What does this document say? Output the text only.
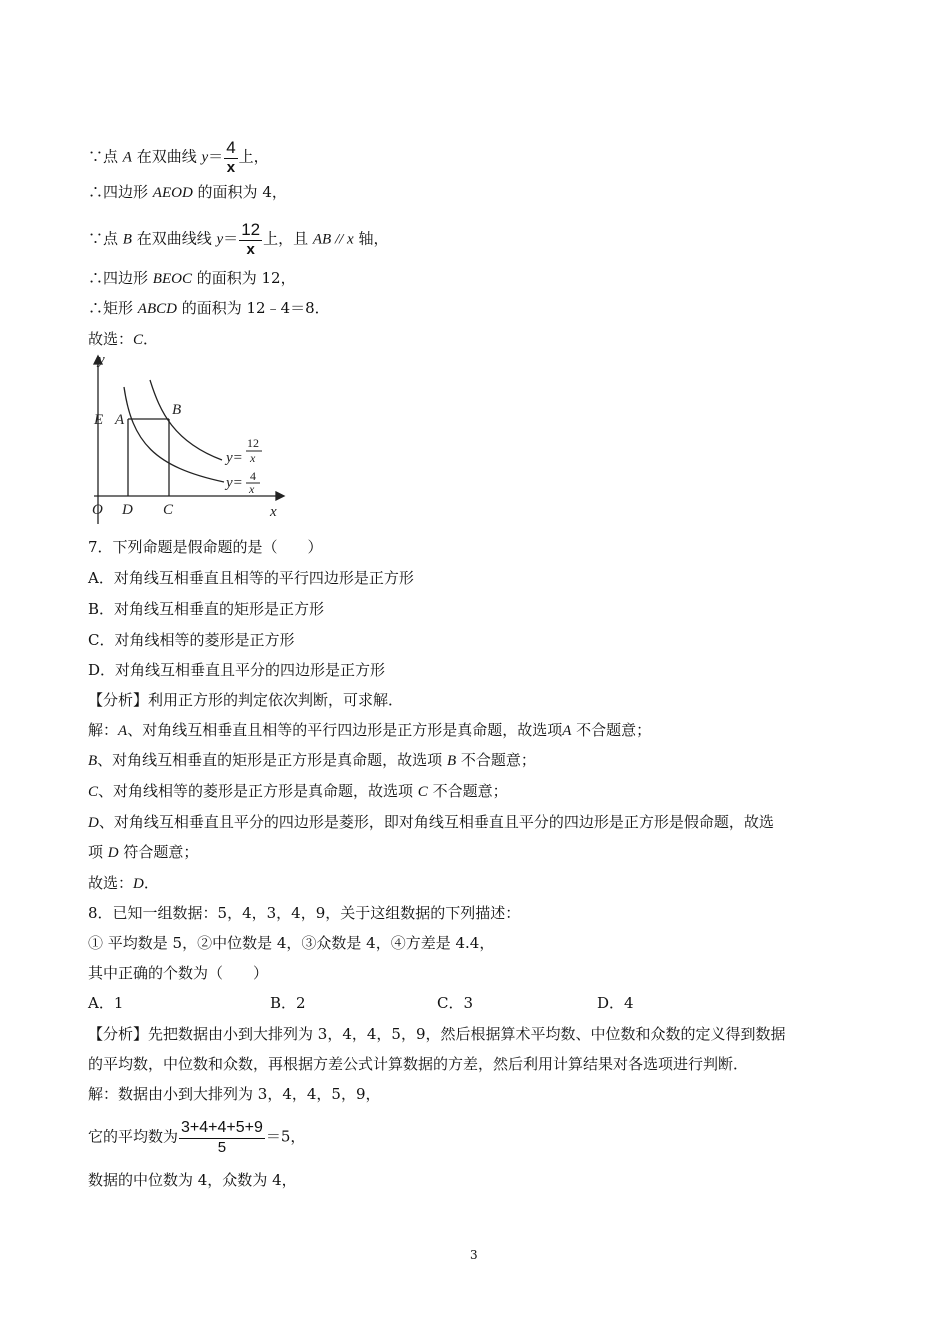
∵点 A 在双曲线 $y= \frac{4}{x}$ 上，
∴四边形 AEOD 的面积为 4，
∵点 B 在双曲线线 $y= \frac{12}{x}$ 上，且 AB // x 轴，
∴四边形 BEOC 的面积为 12，
∴矩形 ABCD 的面积为 12﹣4＝8．
故选：C．
y
x
O D C
E A
B
y=
y=
12
x
4
x
7．下列命题是假命题的是（　　）
A．对角线互相垂直且相等的平行四边形是正方形
B．对角线互相垂直的矩形是正方形
C．对角线相等的菱形是正方形
D．对角线互相垂直且平分的四边形是正方形
【分析】利用正方形的判定依次判断，可求解．
解：A、对角线互相垂直且相等的平行四边形是正方形是真命题，故选项A 不合题意；
B、对角线互相垂直的矩形是正方形是真命题，故选项 B 不合题意；
C、对角线相等的菱形是正方形是真命题，故选项 C 不合题意；
D、对角线互相垂直且平分的四边形是菱形，即对角线互相垂直且平分的四边形是正方形是假命题，故选
项 D 符合题意；
故选：D．
8．已知一组数据：5，4，3，4，9，关于这组数据的下列描述：
① 平均数是 5，②中位数是 4，③众数是 4，④方差是 4.4，
其中正确的个数为（　　）
A．1	B．2	C．3	D．4
【分析】先把数据由小到大排列为 3，4，4，5，9，然后根据算术平均数、中位数和众数的定义得到数据
的平均数，中位数和众数，再根据方差公式计算数据的方差，然后利用计算结果对各选项进行判断．
解：数据由小到大排列为 3，4，4，5，9，
它的平均数为 $\frac{3+4+4+5+9}{5} =5$，
数据的中位数为 4，众数为 4，
3
